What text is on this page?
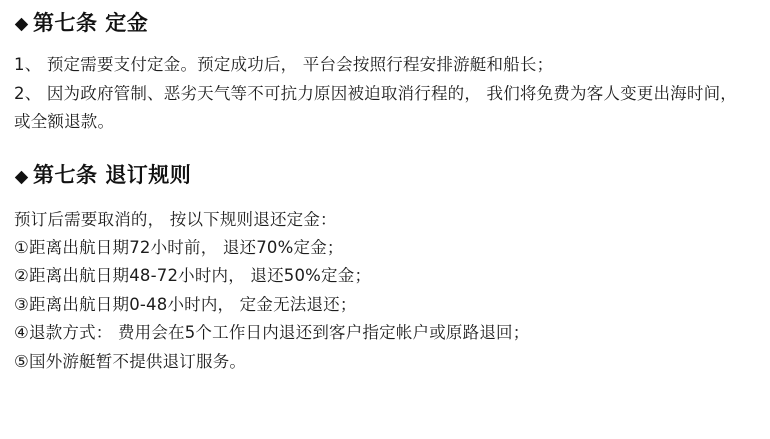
第七条 定金

1、 预定需要支付定金。预定成功后， 平台会按照行程安排游艇和船长；

2、 因为政府管制、恶劣天气等不可抗力原因被迫取消行程的， 我们将免费为客人变更出海时间， 或全额退款。

第七条 退订规则

预订后需要取消的， 按以下规则退还定金：

①距离出航日期72小时前， 退还70%定金；
②距离出航日期48-72小时内， 退还50%定金；
③距离出航日期0-48小时内， 定金无法退还；
④退款方式： 费用会在5个工作日内退还到客户指定帐户或原路退回；
⑤国外游艇暂不提供退订服务。
